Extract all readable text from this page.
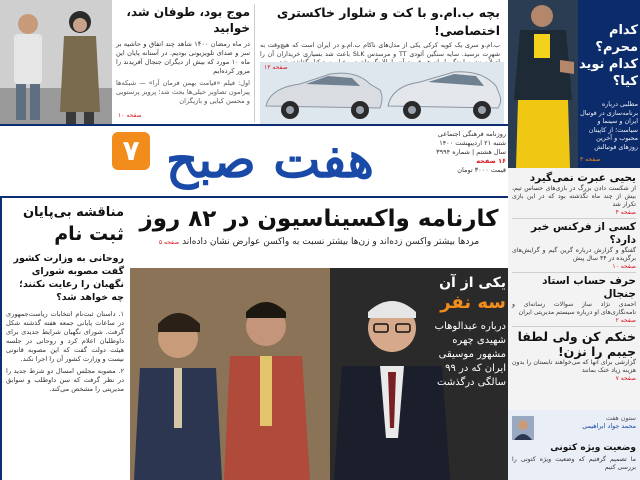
موج بود، طوفان شد، خوابید
در ماه رمضان ۱۴۰۰ شاهد چند اتفاق و حاشیه بر سر و صدای تلویزیونی بودیم. در آستانه پایان این ماه ۱۰ مورد که بیش از دیگران جنجال آفریدند را مرور کرده‌ایم
اول: فیلم «قیامت بهمن فرمان آرا» — شبکه‌ها پیرامون تصاویر خیلی‌ها بحث شد؛ پرویز پرستویی و محسن کیایی و بازیگران
صفحه ۱۰
بچه ب.ام.و با کت و شلوار خاکستری اختصاصی!
ب.ام.و سری یک کوپه کرکی یکی از مدل‌های ناکام ب.ام.و در ایران است که هیچ‌وقت به شهرت نرسید. سایه سنگین آئودی TT و مرسدس SLK باعث شد بسیاری خریداران آن را
صفحه ۱۳
کدام محرم؟ کدام نوید کیا؟
مطلبی درباره برنامه‌سازی در فوتبال ایران و سینما و سیاست؛ از کاپیتان محبوب و آخرین روزهای فوتبالش
صفحه ۳
روزنامه فرهنگی اجتماعی
شنبه ۲۱ اردیبهشت ۱۴۰۰
سال هشتم | شماره ۳۹۹۴
۱۶ صفحه
قیمت ۳۰۰۰ تومان
هفت صبح
۷
مناقشه بی‌پایان
ثبت نام
روحانی به وزارت کشور گفت مصوبه شورای نگهبان را رعایت نکنند؛ چه خواهد شد؟
۱. داستان ثبت‌نام انتخابات ریاست‌جمهوری در ساعات پایانی جمعه هفته گذشته شکل گرفت. شورای نگهبان شرایط جدیدی برای داوطلبان اعلام کرد و روحانی در جلسه هیئت دولت گفت که این مصوبه قانونی نیست و وزارت کشور آن را اجرا نکند.
۲. مصوبه مجلس امسال دو شرط جدید را در نظر گرفت که سن داوطلب و سوابق مدیریتی را مشخص می‌کند.
کارنامه واکسیناسیون در ۸۲ روز
مردها بیشتر واکسن زده‌اند و زن‌ها بیشتر نسبت به واکسن عوارض نشان داده‌اند صفحه ۵
یکی از آن
سه نفر
درباره عبدالوهاب شهیدی چهره مشهور موسیقی ایران که در ۹۹ سالگی درگذشت
یحیی عبرت نمی‌گیرد
از شکست دادن بزرگ در بازی‌های حساس تیم، بیش از چند ماه نگذشته بود که در این بازی تکرار شد
صفحه ۴
کسی از فرکنس خبر دارد؟
گفتگو و گزارش درباره گرین گیم و گرایش‌های برگزیده در ۴۴ سال پیش
صفحه ۱۰
حرف حساب استاد جنجال
احمدی نژاد ساز سوالات رسانه‌ای و نامه‌نگاری‌های او درباره سیستم مدیریتی ایران
صفحه ۲
خنکم کن ولی لطفا جیبم را نزن!
گزارشی برای آنها که می‌خواهند تابستان را بدون هزینه زیاد خنک بمانند
صفحه ۷
ستون هفت
محمد جواد ابراهیمی
وضعیت ویژه کتونی
ما تصمیم گرفتیم که وضعیت ویژه کتونی را بررسی کنیم
